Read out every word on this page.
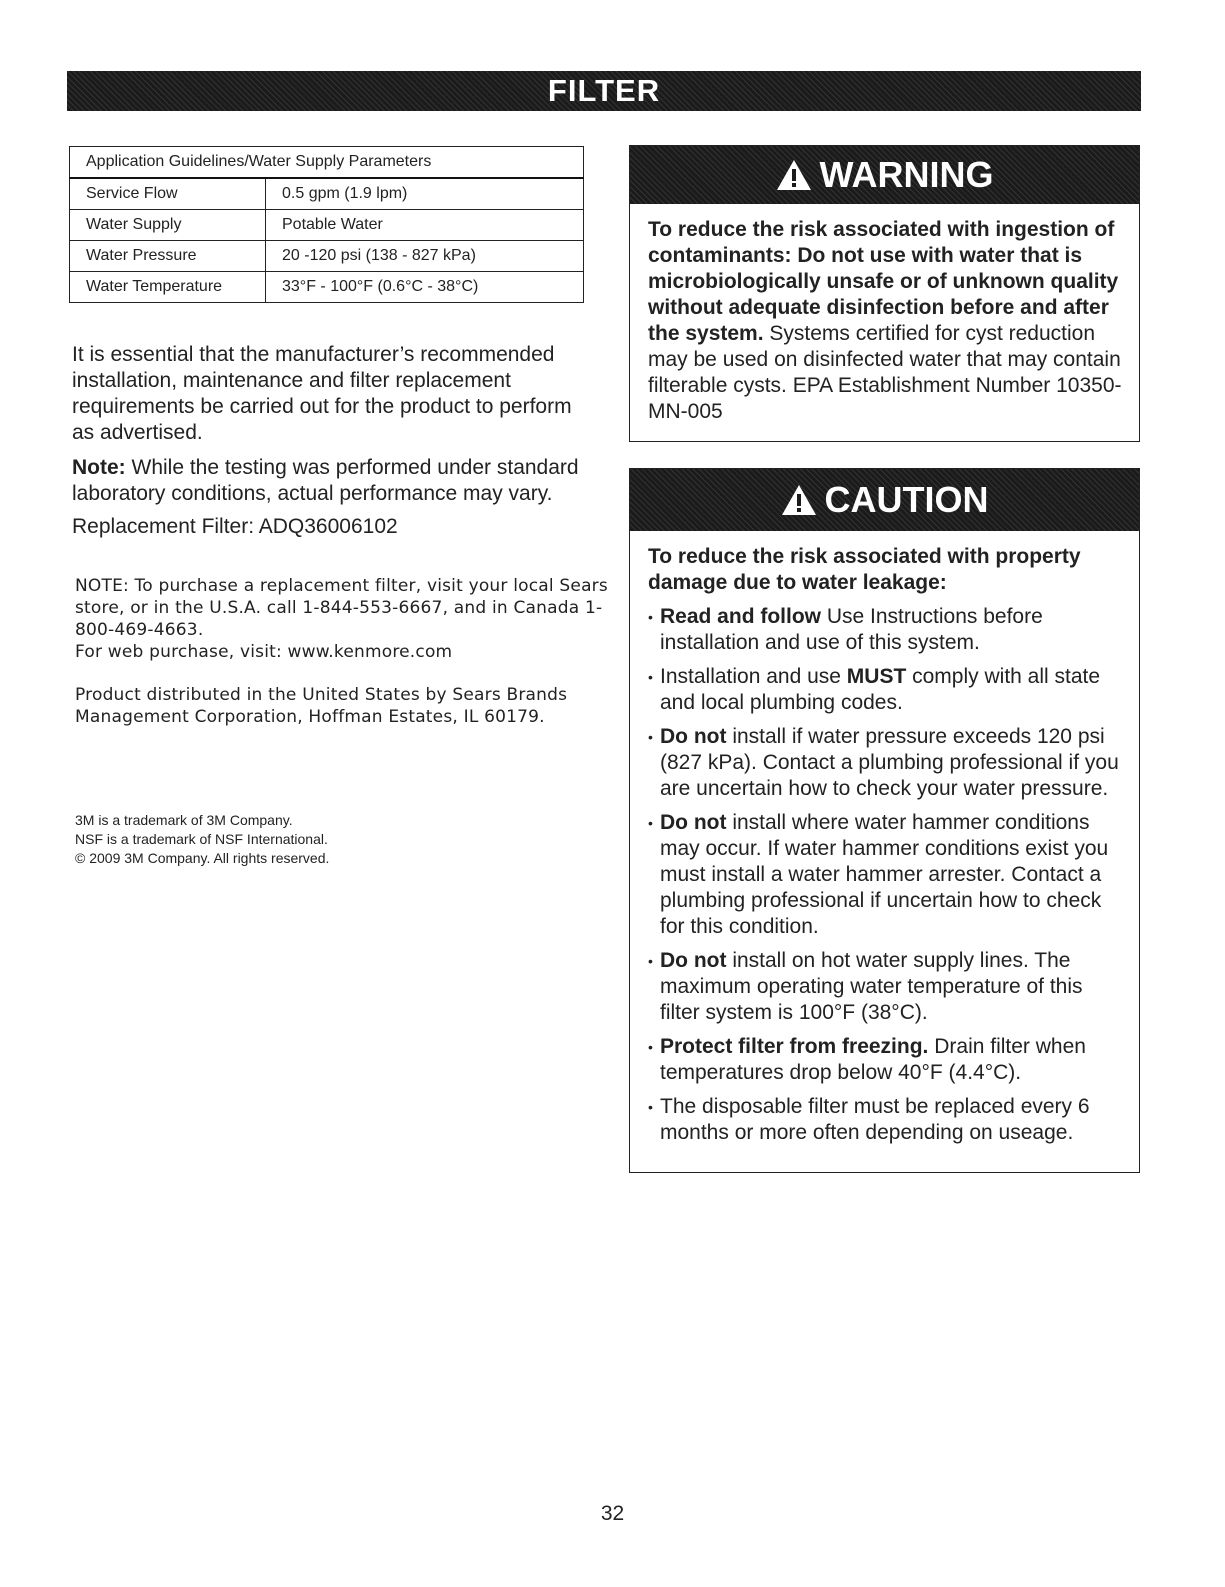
FILTER
Application Guidelines/Water Supply Parameters	
Service Flow	0.5 gpm (1.9 lpm)
Water Supply	Potable Water
Water Pressure	20 -120 psi (138 - 827 kPa)
Water Temperature	33°F - 100°F (0.6°C - 38°C)
It is essential that the manufacturer’s recommended installation, maintenance and filter replacement requirements be carried out for the product to perform as advertised.
Note: While the testing was performed under standard laboratory conditions, actual performance may vary.
Replacement Filter: ADQ36006102
NOTE: To purchase a replacement filter, visit your local Sears store, or in the U.S.A. call 1-844-553-6667, and in Canada 1-800-469-4663.
For web purchase, visit: www.kenmore.com
Product distributed in the United States by Sears Brands Management Corporation, Hoffman Estates, IL 60179.
3M is a trademark of 3M Company.
NSF is a trademark of NSF International.
© 2009 3M Company. All rights reserved.
WARNING
To reduce the risk associated with ingestion of contaminants: Do not use with water that is microbiologically unsafe or of unknown quality without adequate disinfection before and after the system. Systems certified for cyst reduction may be used on disinfected water that may contain filterable cysts. EPA Establishment Number 10350-MN-005
CAUTION
To reduce the risk associated with property damage due to water leakage:
• Read and follow Use Instructions before installation and use of this system.
• Installation and use MUST comply with all state and local plumbing codes.
• Do not install if water pressure exceeds 120 psi (827 kPa). Contact a plumbing professional if you are uncertain how to check your water pressure.
• Do not install where water hammer conditions may occur. If water hammer conditions exist you must install a water hammer arrester. Contact a plumbing professional if uncertain how to check for this condition.
• Do not install on hot water supply lines. The maximum operating water temperature of this filter system is 100°F (38°C).
• Protect filter from freezing. Drain filter when temperatures drop below 40°F (4.4°C).
• The disposable filter must be replaced every 6 months or more often depending on useage.
32
